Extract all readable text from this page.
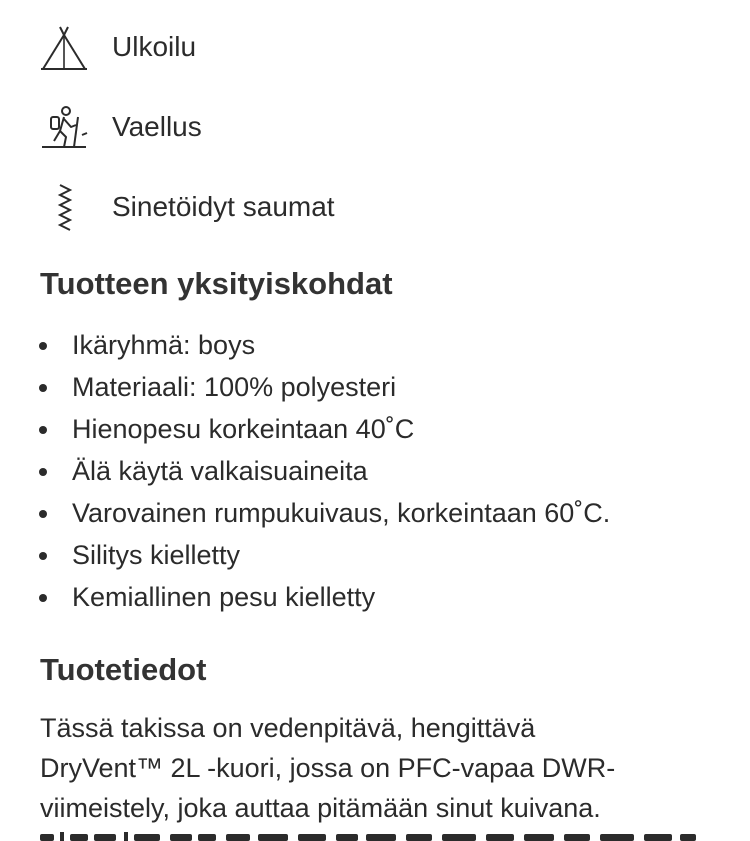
Ulkoilu
Vaellus
Sinetöidyt saumat
Tuotteen yksityiskohdat
Ikäryhmä: boys
Materiaali: 100% polyesteri
Hienopesu korkeintaan 40˚C
Älä käytä valkaisuaineita
Varovainen rumpukuivaus, korkeintaan 60˚C.
Silitys kielletty
Kemiallinen pesu kielletty
Tuotetiedot

Tässä takissa on vedenpitävä, hengittävä
DryVent™ 2L -kuori, jossa on PFC-vapaa DWR-
viimeistely, joka auttaa pitämään sinut kuivana.
